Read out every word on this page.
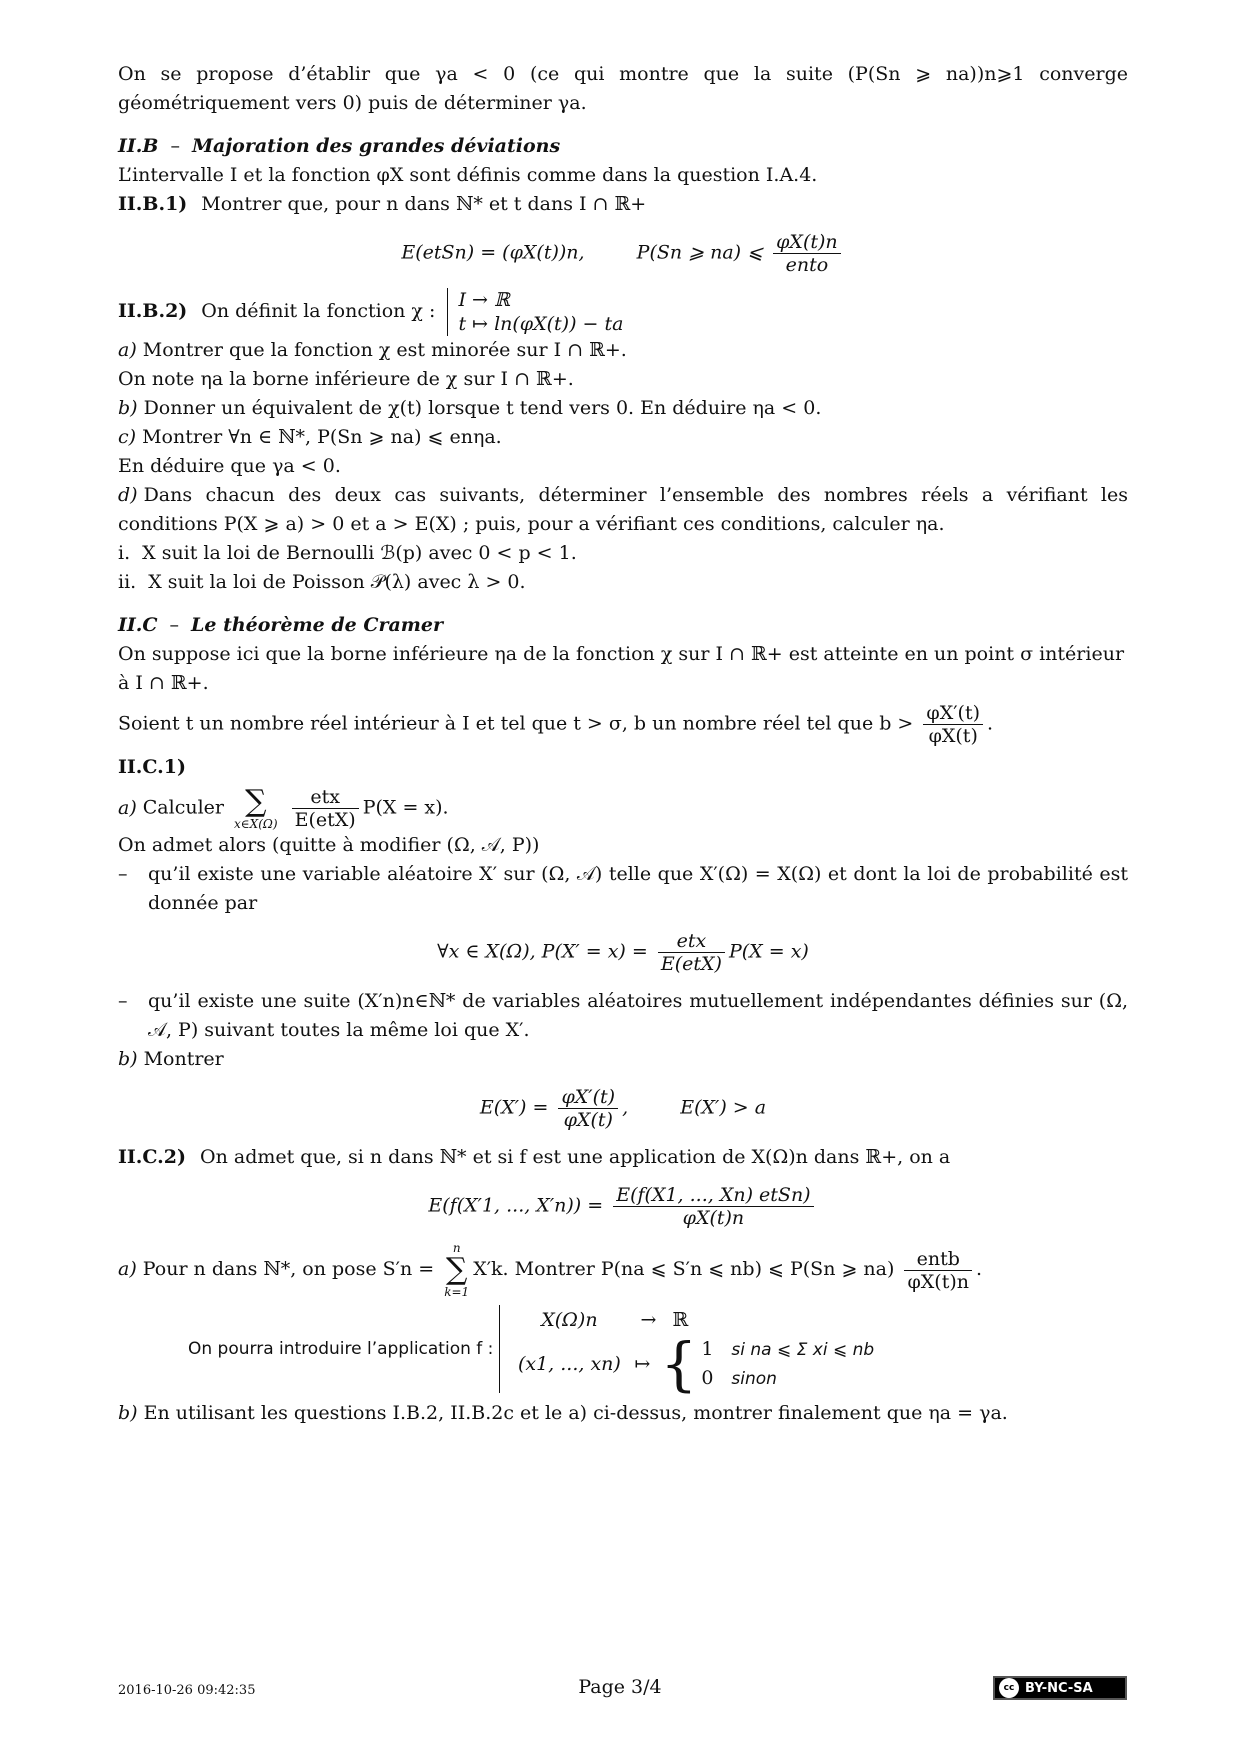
On se propose d’établir que γa < 0 (ce qui montre que la suite (P(Sn ⩾ na))n⩾1 converge géométriquement vers 0) puis de déterminer γa.

II.B – Majoration des grandes déviations

L’intervalle I et la fonction φX sont définis comme dans la question I.A.4.

II.B.1) Montrer que, pour n dans ℕ* et t dans I ∩ ℝ+

E(etSn) = (φX(t))n,	P(Sn ⩾ na) ⩽ $\frac{\varphi X(t)n}{\text{ento}}$

II.B.2) On définit la fonction χ : I → ℝ
t ↦ ln(φX(t)) − ta

a) Montrer que la fonction χ est minorée sur I ∩ ℝ+.

On note ηa la borne inférieure de χ sur I ∩ ℝ+.

b) Donner un équivalent de χ(t) lorsque t tend vers 0. En déduire ηa < 0.

c) Montrer ∀n ∈ ℕ*, P(Sn ⩾ na) ⩽ enηa.

En déduire que γa < 0.

d) Dans chacun des deux cas suivants, déterminer l’ensemble des nombres réels a vérifiant les conditions P(X ⩾ a) > 0 et a > E(X) ; puis, pour a vérifiant ces conditions, calculer ηa.

i. X suit la loi de Bernoulli ℬ(p) avec 0 < p < 1.

ii. X suit la loi de Poisson 𝒫(λ) avec λ > 0.

II.C – Le théorème de Cramer

On suppose ici que la borne inférieure ηa de la fonction χ sur I ∩ ℝ+ est atteinte en un point σ intérieur à I ∩ ℝ+.

Soient t un nombre réel intérieur à I et tel que t > σ, b un nombre réel tel que $b > \frac{\varphi X'(t)}{\varphi X(t)}$ .

II.C.1)

a) Calculer ∑
x∈X(Ω)
$\frac{\text{etx}}{\text{E(etX)}} P(X = x)$.

On admet alors (quitte à modifier (Ω, 𝒜, P))

– qu’il existe une variable aléatoire X′ sur (Ω, 𝒜) telle que X′(Ω) = X(Ω) et dont la loi de probabilité est donnée par

∀x ∈ X(Ω), $P(X' = x) = \frac{\text{etx}}{\text{E(etX)}} P(X = x)$

– qu’il existe une suite (X′n)n∈ℕ* de variables aléatoires mutuellement indépendantes définies sur (Ω, 𝒜, P) suivant toutes la même loi que X′.

b) Montrer

$E(X') = \frac{\varphi X'(t)}{\varphi X(t)}$ ,  E(X′) > a

II.C.2) On admet que, si n dans ℕ* et si f est une application de X(Ω)n dans ℝ+, on a

E(f(X′1, ..., $X'n)) = \frac{\text{E(f(X1, ..., Xn) etSn)}}{\varphi X(t)n}$

a) Pour n dans ℕ*, on pose S′n =
n
∑
k=1
X′k. Montrer P(na ⩽ S′n ⩽ nb) ⩽ P(Sn ⩾ $na) \frac{\text{entb}}{\varphi X(t)n}$ .

On pourra introduire l’application f :
X(Ω)n → ℝ
(x1, ..., xn) ↦ { 1 si na ⩽ Σ xi ⩽ nb
0 sinon

b) En utilisant les questions I.B.2, II.B.2c et le a) ci-dessus, montrer finalement que ηa = γa.

2016-10-26 09:42:35	Page 3/4	cc BY-NC-SA
